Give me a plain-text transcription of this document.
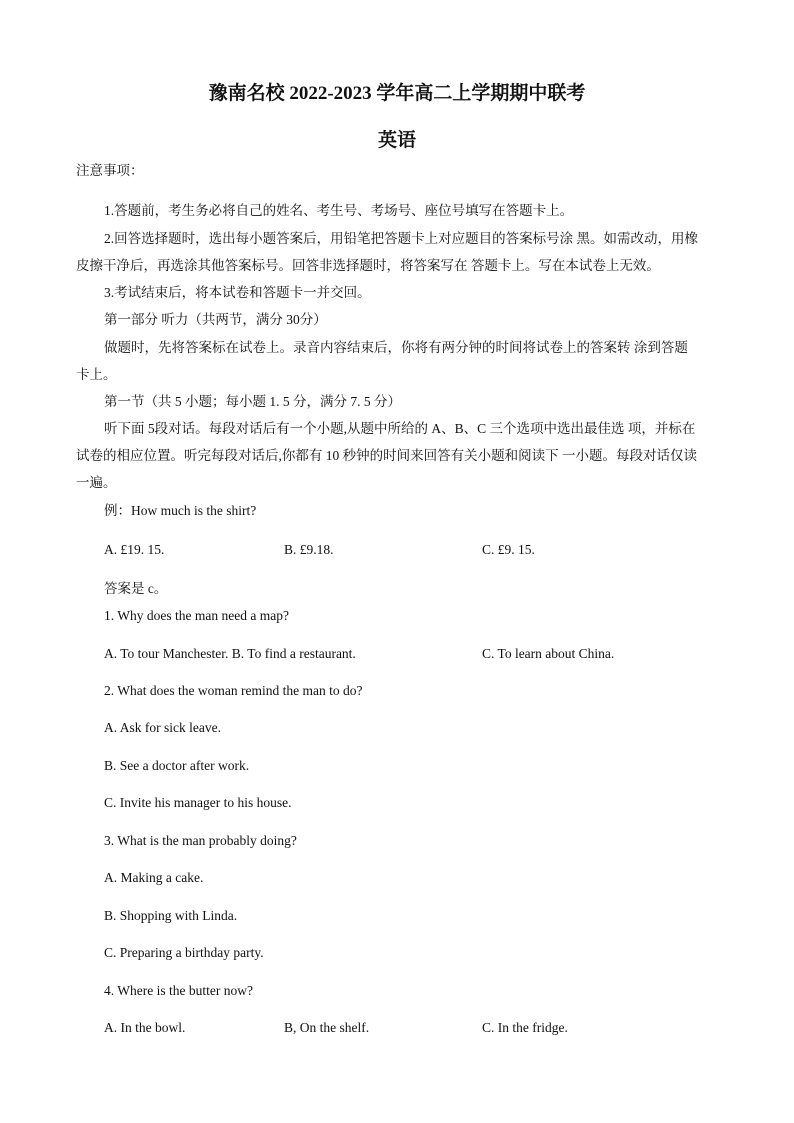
豫南名校 2022-2023 学年高二上学期期中联考
英语
注意事项：
1.答题前，考生务必将自己的姓名、考生号、考场号、座位号填写在答题卡上。
2.回答选择题时，选出每小题答案后，用铅笔把答题卡上对应题目的答案标号涂 黑。如需改动，用橡
皮擦干净后，再选涂其他答案标号。回答非选择题时，将答案写在 答题卡上。写在本试卷上无效。
3.考试结束后，将本试卷和答题卡一并交回。
第一部分 听力（共两节，满分 30分）
做题时，先将答案标在试卷上。录音内容结束后，你将有两分钟的时间将试卷上的答案转 涂到答题
卡上。
第一节（共 5 小题；每小题 1. 5 分，满分 7. 5 分）
听下面 5段对话。每段对话后有一个小题,从题中所给的 A、B、C 三个选项中选出最佳选 项，并标在
试卷的相应位置。听完每段对话后,你都有 10 秒钟的时间来回答有关小题和阅读下 一小题。每段对话仅读
一遍。
例：How much is the shirt?
A. £19. 15.	B. £9.18.	C. £9. 15.
答案是 c。
1. Why does the man need a map?
A. To tour Manchester. B. To find a restaurant.	C. To learn about China.
2. What does the woman remind the man to do?
A. Ask for sick leave.
B. See a doctor after work.
C. Invite his manager to his house.
3. What is the man probably doing?
A. Making a cake.
B. Shopping with Linda.
C. Preparing a birthday party.
4. Where is the butter now?
A. In the bowl.	B, On the shelf.	C. In the fridge.
